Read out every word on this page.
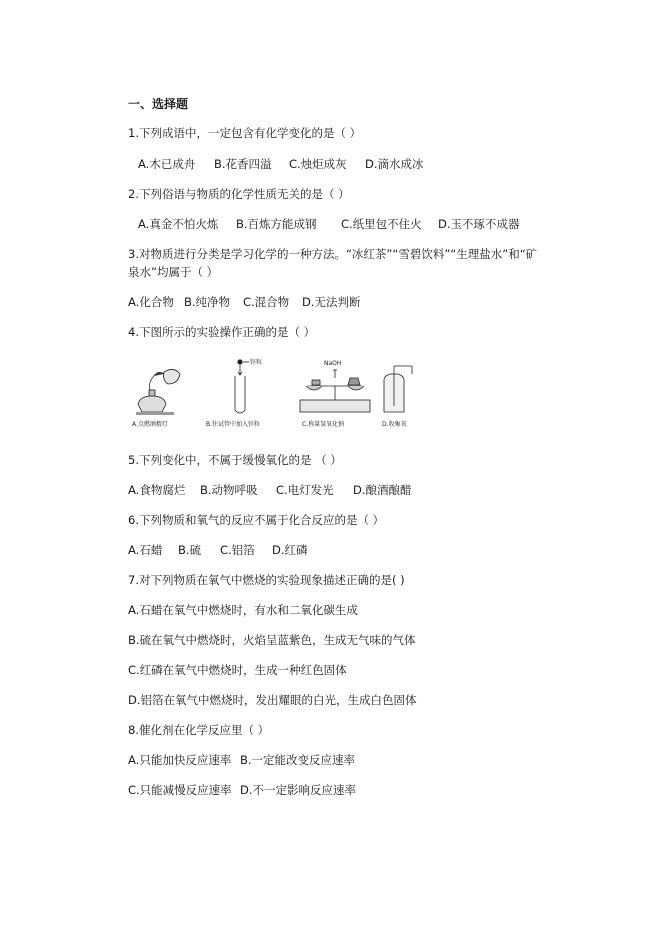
一、选择题
1.下列成语中，一定包含有化学变化的是（ ）
A.木已成舟 B.花香四溢 C.烛炬成灰 D.滴水成冰
2.下列俗语与物质的化学性质无关的是（ ）
A.真金不怕火炼 B.百炼方能成钢 C.纸里包不住火 D.玉不琢不成器
3.对物质进行分类是学习化学的一种方法。“冰红茶”“雪碧饮料”“生理盐水”和“矿
泉水”均属于（ ）
A.化合物 B.纯净物 C.混合物 D.无法判断
4.下图所示的实验操作正确的是（ ）
锌粒	NaOH
A.点燃酒精灯	B.往试管中加入锌粒	C.称量氢氧化钠	D.收集氧
5.下列变化中，不属于缓慢氧化的是 （ ）
A.食物腐烂 B.动物呼吸 C.电灯发光 D.酿酒酿醋
6.下列物质和氧气的反应不属于化合反应的是（ ）
A.石蜡 B.硫 C.铝箔 D.红磷
7.对下列物质在氧气中燃烧的实验现象描述正确的是( )
A.石蜡在氧气中燃烧时，有水和二氧化碳生成
B.硫在氧气中燃烧时，火焰呈蓝紫色，生成无气味的气体
C.红磷在氧气中燃烧时，生成一种红色固体
D.铝箔在氧气中燃烧时，发出耀眼的白光，生成白色固体
8.催化剂在化学反应里（ ）
A.只能加快反应速率 B.一定能改变反应速率
C.只能减慢反应速率 D.不一定影响反应速率
